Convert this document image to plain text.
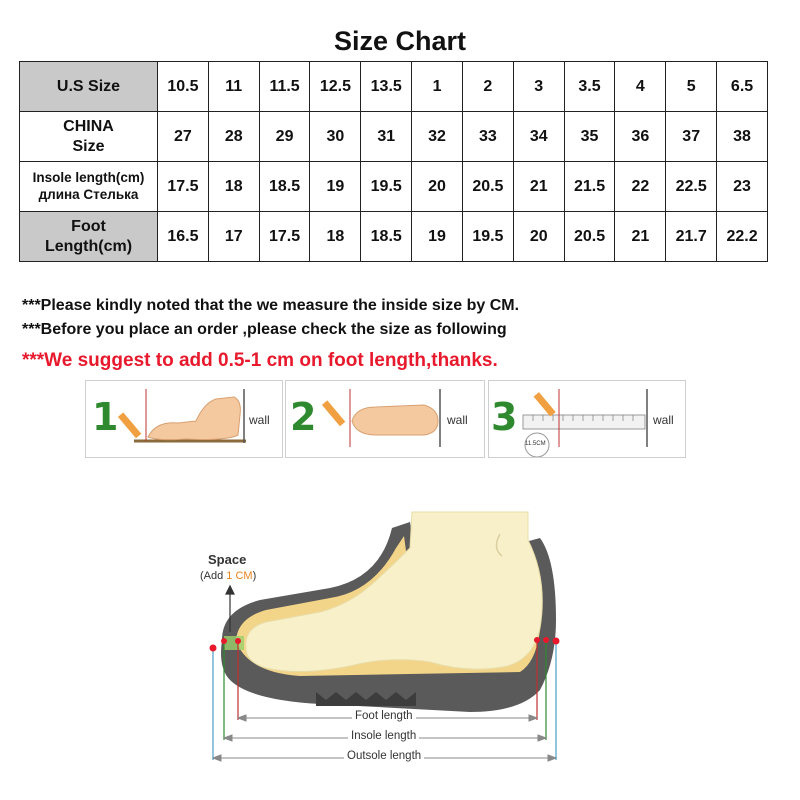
Size Chart
U.S Size	10.5	11	11.5	12.5	13.5	1	2	3	3.5	4	5	6.5
CHINA
Size	27	28	29	30	31	32	33	34	35	36	37	38
Insole length(cm)
длина Стелька	17.5	18	18.5	19	19.5	20	20.5	21	21.5	22	22.5	23
Foot
Length(cm)	16.5	17	17.5	18	18.5	19	19.5	20	20.5	21	21.7	22.2
***Please kindly noted that the we measure the inside size by CM.
***Before you place an order ,please check the size as following
***We suggest to add 0.5-1 cm on foot length,thanks.
1	wall 2	wall 3	wall
11.5CM
Space
(Add 1 CM)
Foot length
Insole length
Outsole length
